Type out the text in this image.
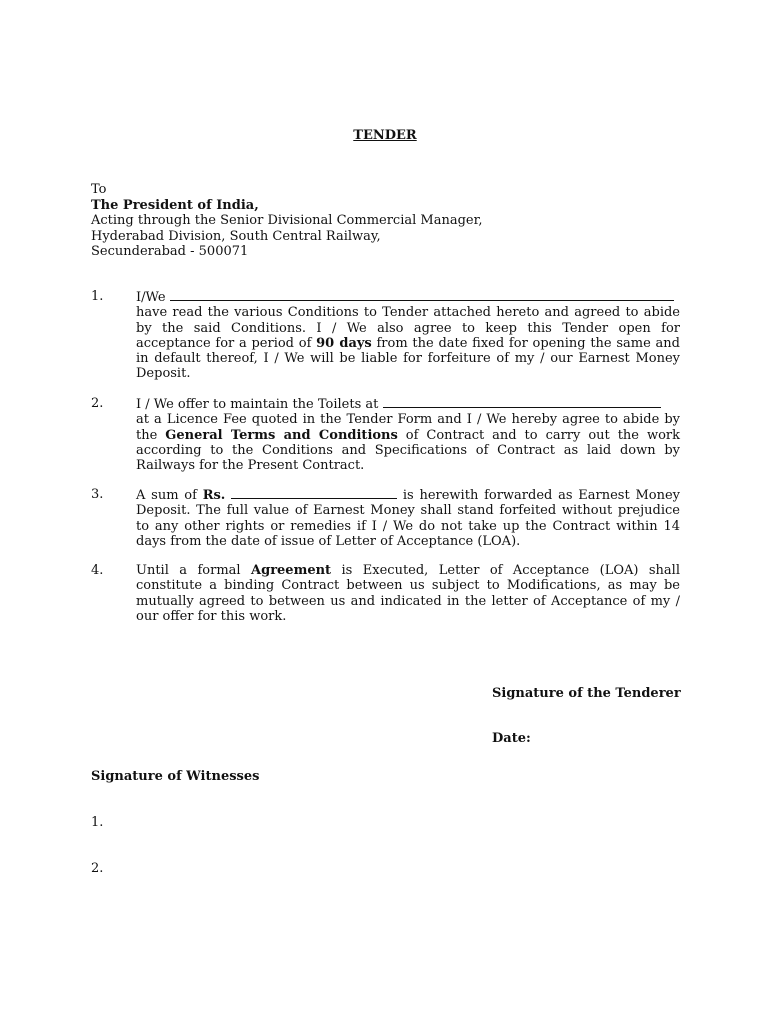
TENDER
To
The President of India,
Acting through the Senior Divisional Commercial Manager,
Hyderabad Division, South Central Railway,
Secunderabad - 500071
1.	I/We
have read the various Conditions to Tender attached hereto and agreed to abide
by the said Conditions. I / We also agree to keep this Tender open for
acceptance for a period of 90 days from the date fixed for opening the same and
in default thereof, I / We will be liable for forfeiture of my / our Earnest Money
Deposit.
2.	I / We offer to maintain the Toilets at
at a Licence Fee quoted in the Tender Form and I / We hereby agree to abide by
the General Terms and Conditions of Contract and to carry out the work
according to the Conditions and Specifications of Contract as laid down by
Railways for the Present Contract.
3.	A sum of Rs.	is herewith forwarded as Earnest Money
Deposit. The full value of Earnest Money shall stand forfeited without prejudice
to any other rights or remedies if I / We do not take up the Contract within 14
days from the date of issue of Letter of Acceptance (LOA).
4.	Until a formal Agreement is Executed, Letter of Acceptance (LOA) shall
constitute a binding Contract between us subject to Modifications, as may be
mutually agreed to between us and indicated in the letter of Acceptance of my /
our offer for this work.
Signature of the Tenderer
Date:
Signature of Witnesses
1.
2.
